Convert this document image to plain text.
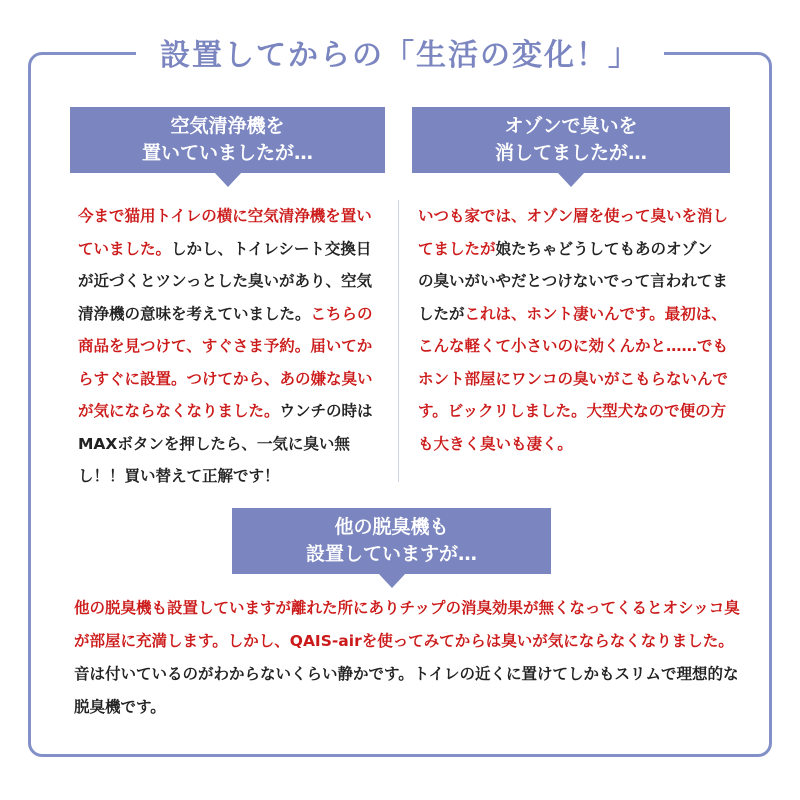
設置してからの「生活の変化！」
空気清浄機を
置いていましたが…
オゾンで臭いを
消してましたが…
他の脱臭機も
設置していますが…
今まで猫用トイレの横に空気清浄機を置いていました。しかし、トイレシート交換日が近づくとツンっとした臭いがあり、空気清浄機の意味を考えていました。こちらの商品を見つけて、すぐさま予約。届いてからすぐに設置。つけてから、あの嫌な臭いが気にならなくなりました。ウンチの時はMAXボタンを押したら、一気に臭い無し！！買い替えて正解です！
いつも家では、オゾン層を使って臭いを消してましたが娘たちゃどうしてもあのオゾンの臭いがいやだとつけないでって言われてましたがこれは、ホント凄いんです。最初は、こんな軽くて小さいのに効くんかと……でもホント部屋にワンコの臭いがこもらないんです。ビックリしました。大型犬なので便の方も大きく臭いも凄く。
他の脱臭機も設置していますが離れた所にありチップの消臭効果が無くなってくるとオシッコ臭が部屋に充満します。しかし、QAIS-airを使ってみてからは臭いが気にならなくなりました。音は付いているのがわからないくらい静かです。トイレの近くに置けてしかもスリムで理想的な脱臭機です。
